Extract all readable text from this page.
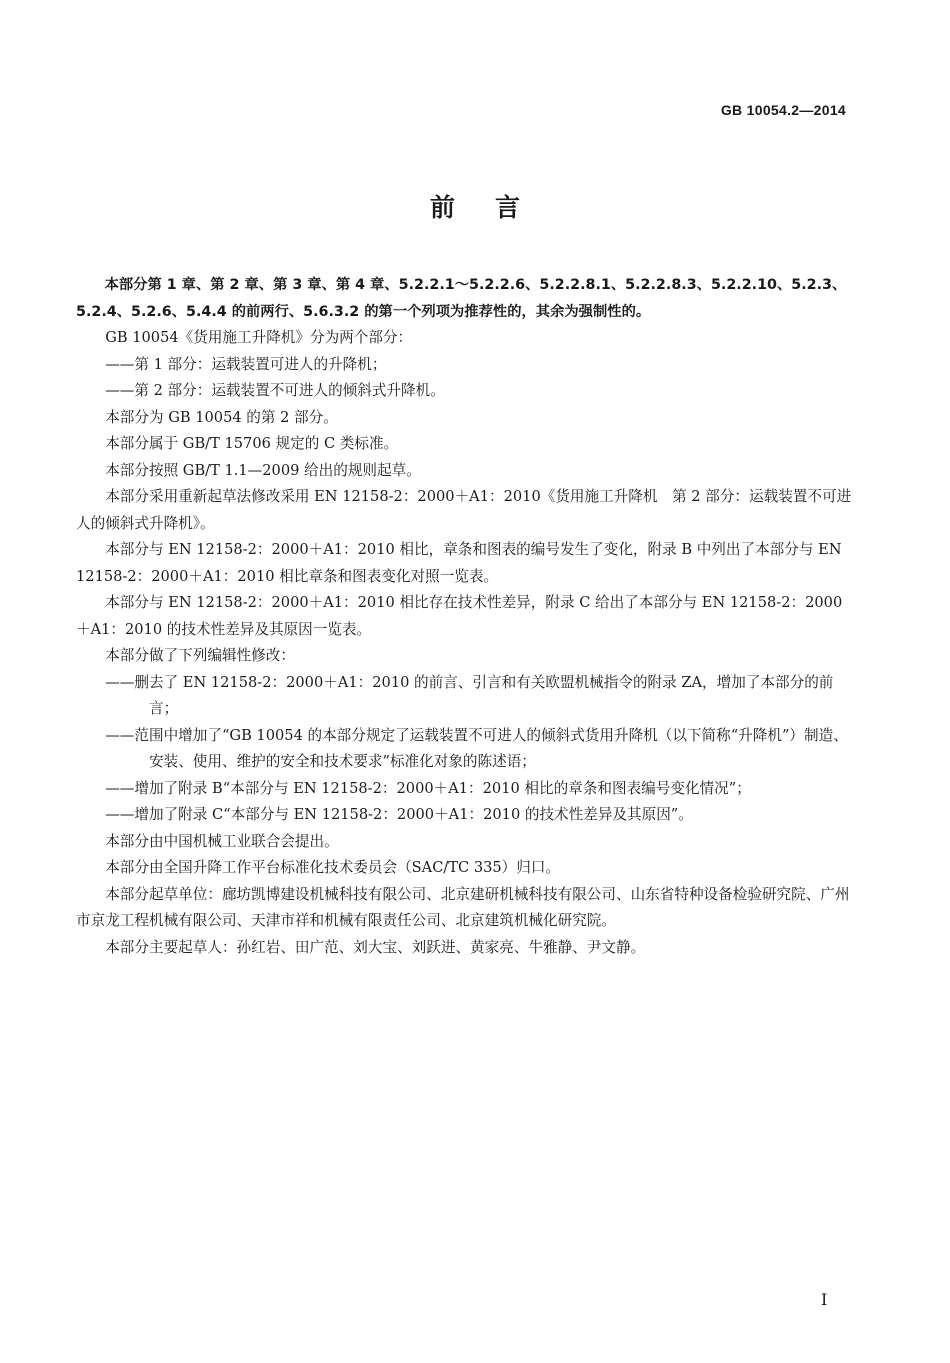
GB 10054.2—2014
前言

本部分第 1 章、第 2 章、第 3 章、第 4 章、5.2.2.1～5.2.2.6、5.2.2.8.1、5.2.2.8.3、5.2.2.10、5.2.3、5.2.4、5.2.6、5.4.4 的前两行、5.6.3.2 的第一个列项为推荐性的，其余为强制性的。

GB 10054《货用施工升降机》分为两个部分：

——第 1 部分：运载装置可进人的升降机；

——第 2 部分：运载装置不可进人的倾斜式升降机。

本部分为 GB 10054 的第 2 部分。

本部分属于 GB/T 15706 规定的 C 类标准。

本部分按照 GB/T 1.1—2009 给出的规则起草。

本部分采用重新起草法修改采用 EN 12158-2：2000＋A1：2010《货用施工升降机　第 2 部分：运载装置不可进人的倾斜式升降机》。

本部分与 EN 12158-2：2000＋A1：2010 相比，章条和图表的编号发生了变化，附录 B 中列出了本部分与 EN 12158-2：2000＋A1：2010 相比章条和图表变化对照一览表。

本部分与 EN 12158-2：2000＋A1：2010 相比存在技术性差异，附录 C 给出了本部分与 EN 12158-2：2000＋A1：2010 的技术性差异及其原因一览表。

本部分做了下列编辑性修改：

——删去了 EN 12158-2：2000＋A1：2010 的前言、引言和有关欧盟机械指令的附录 ZA，增加了本部分的前言；

——范围中增加了“GB 10054 的本部分规定了运载装置不可进人的倾斜式货用升降机（以下简称“升降机”）制造、安装、使用、维护的安全和技术要求”标准化对象的陈述语；

——增加了附录 B“本部分与 EN 12158-2：2000＋A1：2010 相比的章条和图表编号变化情况”；

——增加了附录 C“本部分与 EN 12158-2：2000＋A1：2010 的技术性差异及其原因”。

本部分由中国机械工业联合会提出。

本部分由全国升降工作平台标准化技术委员会（SAC/TC 335）归口。

本部分起草单位：廊坊凯博建设机械科技有限公司、北京建研机械科技有限公司、山东省特种设备检验研究院、广州市京龙工程机械有限公司、天津市祥和机械有限责任公司、北京建筑机械化研究院。

本部分主要起草人：孙红岩、田广范、刘大宝、刘跃进、黄家亮、牛雅静、尹文静。

I
